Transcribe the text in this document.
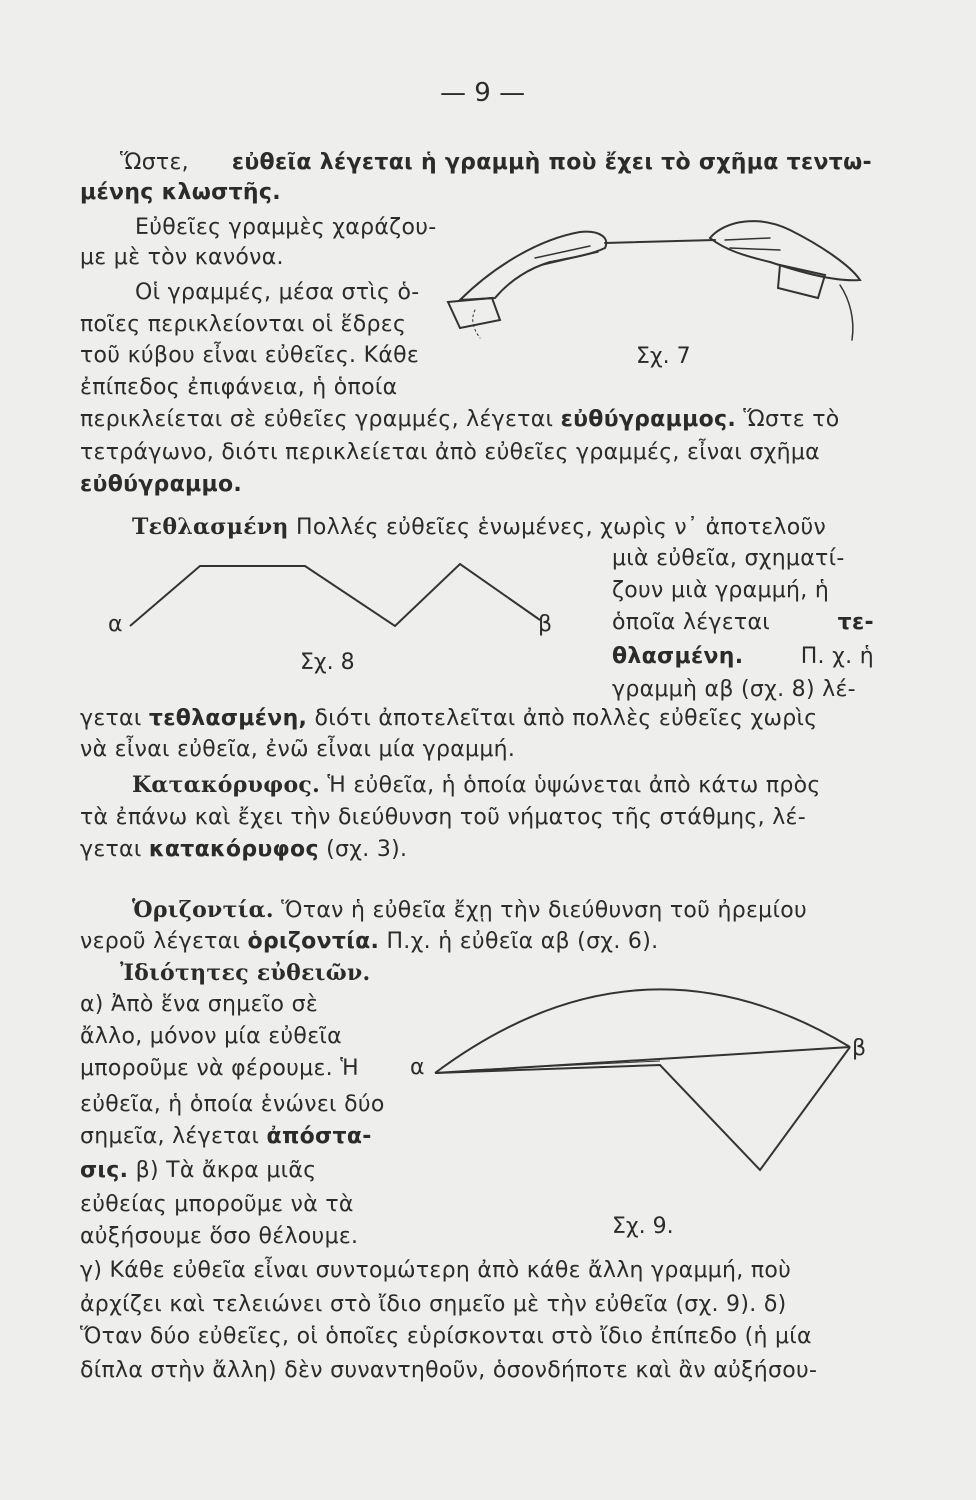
— 9 —
Ὥστε, εὐθεῖα λέγεται ἡ γραμμὴ ποὺ ἔχει τὸ σχῆμα τεντω-
μένης κλωστῆς.
Εὐθεῖες γραμμὲς χαράζου-
με μὲ τὸν κανόνα.
Οἱ γραμμές, μέσα στὶς ὁ-
ποῖες περικλείονται οἱ ἕδρες
τοῦ κύβου εἶναι εὐθεῖες. Κάθε
ἐπίπεδος ἐπιφάνεια, ἡ ὁποία
περικλείεται σὲ εὐθεῖες γραμμές, λέγεται εὐθύγραμμος. Ὥστε τὸ
τετράγωνο, διότι περικλείεται ἀπὸ εὐθεῖες γραμμές, εἶναι σχῆμα
εὐθύγραμμο.
Σχ. 7
Τεθλασμένη Πολλές εὐθεῖες ἑνωμένες, χωρὶς ν᾽ ἀποτελοῦν
μιὰ εὐθεῖα, σχηματί-
ζουν μιὰ γραμμή, ἡ
ὁποῖα λέγεται	τε-
θλασμένη.	Π. χ. ἡ
γραμμὴ αβ (σχ. 8) λέ-
γεται τεθλασμένη, διότι ἀποτελεῖται ἀπὸ πολλὲς εὐθεῖες χωρὶς
νὰ εἶναι εὐθεῖα, ἐνῶ εἶναι μία γραμμή.
α	β
Σχ. 8
Κατακόρυφος. Ἡ εὐθεῖα, ἡ ὁποία ὑψώνεται ἀπὸ κάτω πρὸς
τὰ ἐπάνω καὶ ἔχει τὴν διεύθυνση τοῦ νήματος τῆς στάθμης, λέ-
γεται κατακόρυφος (σχ. 3).
Ὁριζοντία. Ὅταν ἡ εὐθεῖα ἔχῃ τὴν διεύθυνση τοῦ ἠρεμίου
νεροῦ λέγεται ὁριζοντία. Π.χ. ἡ εὐθεῖα αβ (σχ. 6).
Ἰδιότητες εὐθειῶν.
α) Ἀπὸ ἕνα σημεῖο σὲ
ἄλλο, μόνον μία εὐθεῖα
μποροῦμε νὰ φέρουμε. Ἡ
εὐθεῖα, ἡ ὁποία ἑνώνει δύο
σημεῖα, λέγεται ἀπόστα-
σις. β) Τὰ ἄκρα μιᾶς
εὐθείας μποροῦμε νὰ τὰ
αὐξήσουμε ὅσο θέλουμε.
γ) Κάθε εὐθεῖα εἶναι συντομώτερη ἀπὸ κάθε ἄλλη γραμμή, ποὺ
ἀρχίζει καὶ τελειώνει στὸ ἴδιο σημεῖο μὲ τὴν εὐθεῖα (σχ. 9). δ)
Ὅταν δύο εὐθεῖες, οἱ ὁποῖες εὑρίσκονται στὸ ἴδιο ἐπίπεδο (ἡ μία
δίπλα στὴν ἄλλη) δὲν συναντηθοῦν, ὁσονδήποτε καὶ ἂν αὐξήσου-
α
β
Σχ. 9.
